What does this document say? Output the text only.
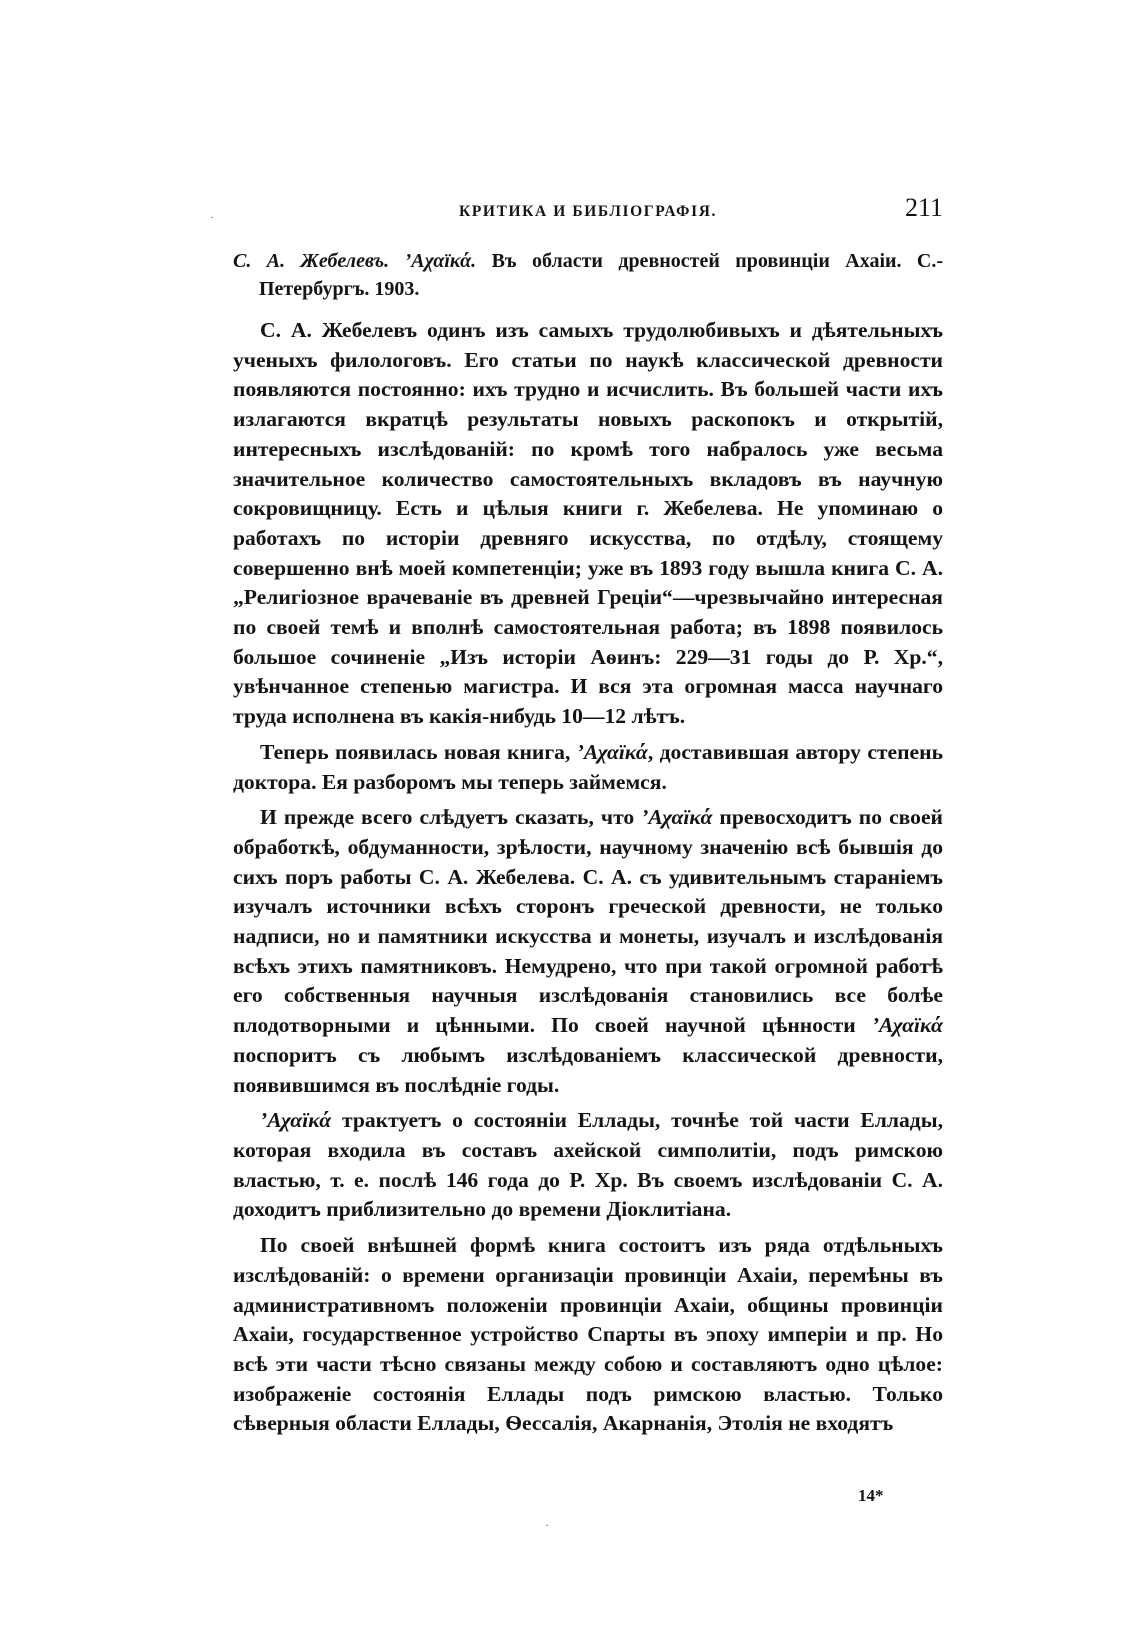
КРИТИКА И БИБЛІОГРАФІЯ.	211

С. А. Жебелевъ. ’Аχαϊκά. Въ области древностей провинціи Ахаіи. С.-Петербургъ. 1903.

С. А. Жебелевъ одинъ изъ самыхъ трудолюбивыхъ и дѣятельныхъ ученыхъ филологовъ. Его статьи по наукѣ классической древности появляются постоянно: ихъ трудно и исчислить. Въ большей части ихъ излагаются вкратцѣ результаты новыхъ раскопокъ и открытій, интересныхъ изслѣдованій: по кромѣ того набралось уже весьма значительное количество самостоятельныхъ вкладовъ въ научную сокровищницу. Есть и цѣлыя книги г. Жебелева. Не упоминаю о работахъ по исторіи древняго искусства, по отдѣлу, стоящему совершенно внѣ моей компетенціи; уже въ 1893 году вышла книга С. А. „Религіозное врачеваніе въ древней Греціи“—чрезвычайно интересная по своей темѣ и вполнѣ самостоятельная работа; въ 1898 появилось большое сочиненіе „Изъ исторіи Аѳинъ: 229—31 годы до Р. Хр.“, увѣнчанное степенью магистра. И вся эта огромная масса научнаго труда исполнена въ какія-нибудь 10—12 лѣтъ.

Теперь появилась новая книга, ’Αχαϊκά, доставившая автору степень доктора. Ея разборомъ мы теперь займемся.

И прежде всего слѣдуетъ сказать, что ’Αχαϊκά превосходитъ по своей обработкѣ, обдуманности, зрѣлости, научному значенію всѣ бывшія до сихъ поръ работы С. А. Жебелева. С. А. съ удивительнымъ стараніемъ изучалъ источники всѣхъ сторонъ греческой древности, не только надписи, но и памятники искусства и монеты, изучалъ и изслѣдованія всѣхъ этихъ памятниковъ. Немудрено, что при такой огромной работѣ его собственныя научныя изслѣдованія становились все болѣе плодотворными и цѣнными. По своей научной цѣнности ’Αχαϊκά поспоритъ съ любымъ изслѣдованіемъ классической древности, появившимся въ послѣдніе годы.

’Αχαϊκά трактуетъ о состояніи Еллады, точнѣе той части Еллады, которая входила въ составъ ахейской симполитіи, подъ римскою властью, т. е. послѣ 146 года до Р. Хр. Въ своемъ изслѣдованіи С. А. доходитъ приблизительно до времени Діоклитіана.

По своей внѣшней формѣ книга состоитъ изъ ряда отдѣльныхъ изслѣдованій: о времени организаціи провинціи Ахаіи, перемѣны въ административномъ положеніи провинціи Ахаіи, общины провинціи Ахаіи, государственное устройство Спарты въ эпоху имперіи и пр. Но всѣ эти части тѣсно связаны между собою и составляютъ одно цѣлое: изображеніе состоянія Еллады подъ римскою властью. Только сѣверныя области Еллады, Ѳессалія, Акарнанія, Этолія не входятъ

14*
·
·
